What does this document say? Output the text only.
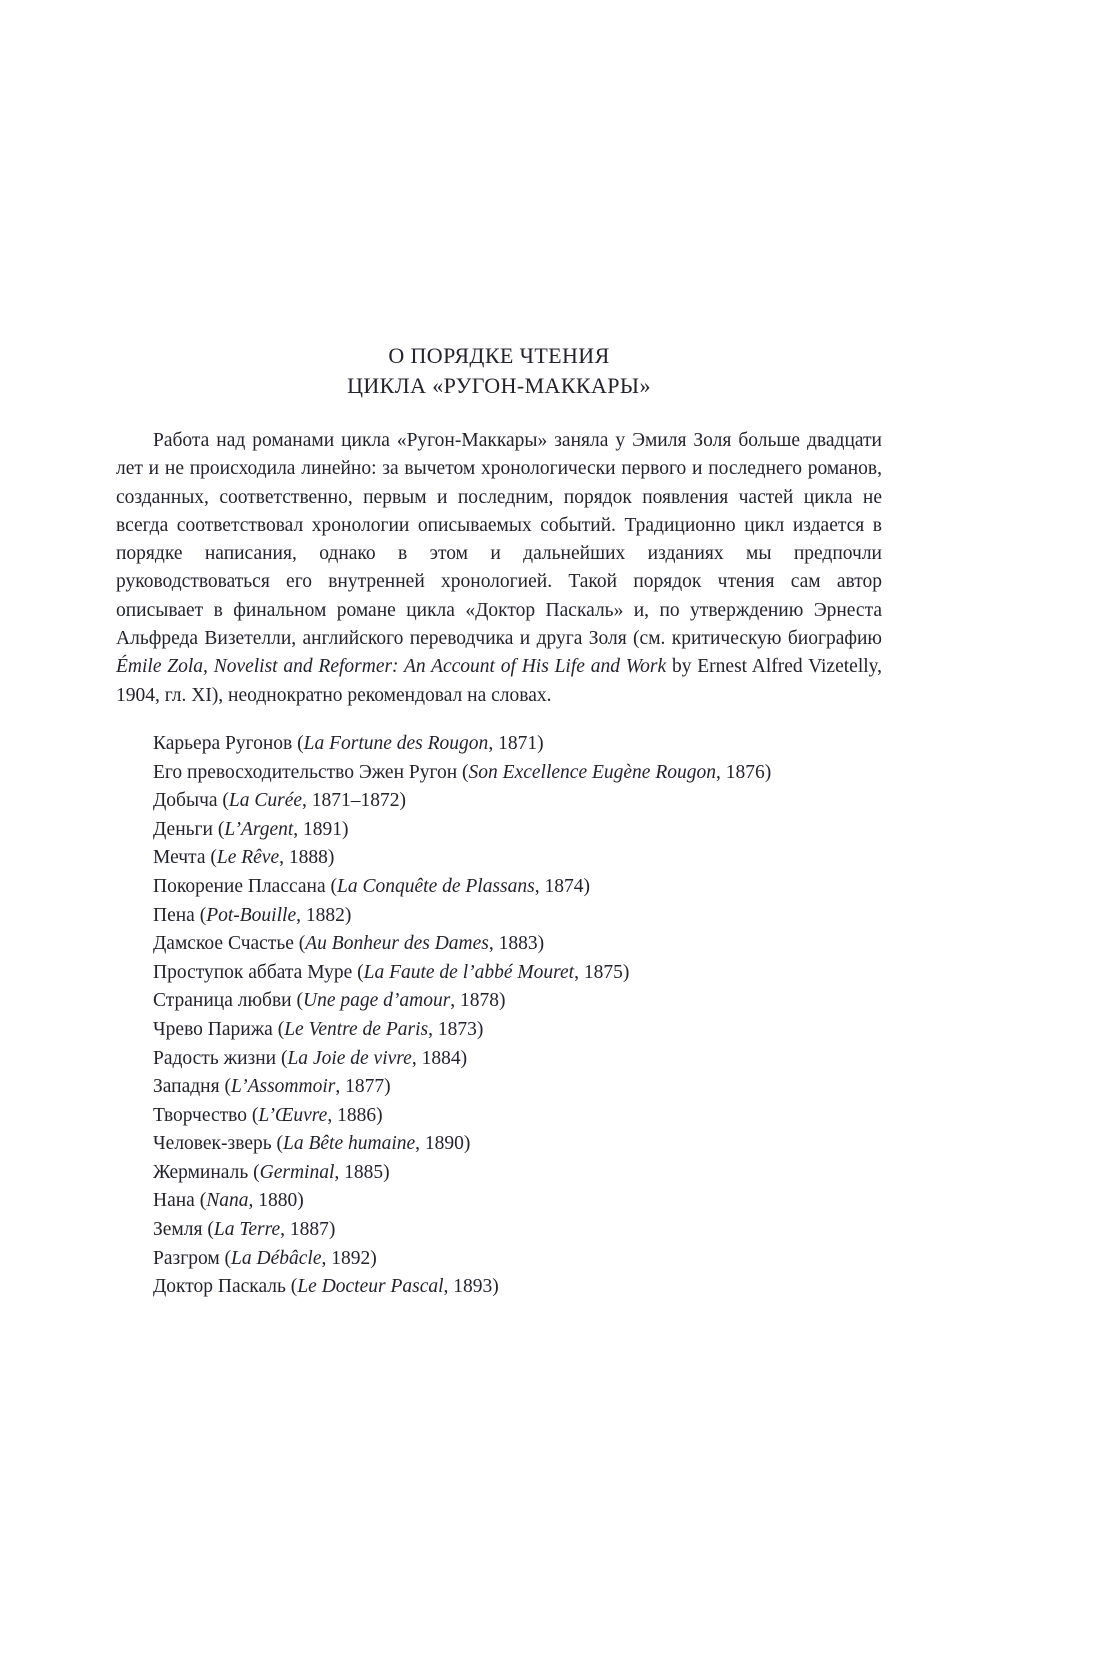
О ПОРЯДКЕ ЧТЕНИЯ
ЦИКЛА «РУГОН-МАККАРЫ»

Работа над романами цикла «Ругон-Маккары» заняла у Эмиля Золя больше двадцати лет и не происходила линейно: за вычетом хронологически первого и последнего романов, созданных, соответственно, первым и последним, порядок появления частей цикла не всегда соответствовал хронологии описываемых событий. Традиционно цикл издается в порядке написания, однако в этом и дальнейших изданиях мы предпочли руководствоваться его внутренней хронологией. Такой порядок чтения сам автор описывает в финальном романе цикла «Доктор Паскаль» и, по утверждению Эрнеста Альфреда Визетелли, английского переводчика и друга Золя (см. критическую биографию Émile Zola, Novelist and Reformer: An Account of His Life and Work by Ernest Alfred Vizetelly, 1904, гл. XI), неоднократно рекомендовал на словах.

Карьера Ругонов (La Fortune des Rougon, 1871)

Его превосходительство Эжен Ругон (Son Excellence Eugène Rougon, 1876)

Добыча (La Curée, 1871–1872)

Деньги (L’Argent, 1891)

Мечта (Le Rêve, 1888)

Покорение Плассана (La Conquête de Plassans, 1874)

Пена (Pot-Bouille, 1882)

Дамское Счастье (Au Bonheur des Dames, 1883)

Проступок аббата Муре (La Faute de l’abbé Mouret, 1875)

Страница любви (Une page d’amour, 1878)

Чрево Парижа (Le Ventre de Paris, 1873)

Радость жизни (La Joie de vivre, 1884)

Западня (L’Assommoir, 1877)

Творчество (L’Œuvre, 1886)

Человек-зверь (La Bête humaine, 1890)

Жерминаль (Germinal, 1885)

Нана (Nana, 1880)

Земля (La Terre, 1887)

Разгром (La Débâcle, 1892)

Доктор Паскаль (Le Docteur Pascal, 1893)
